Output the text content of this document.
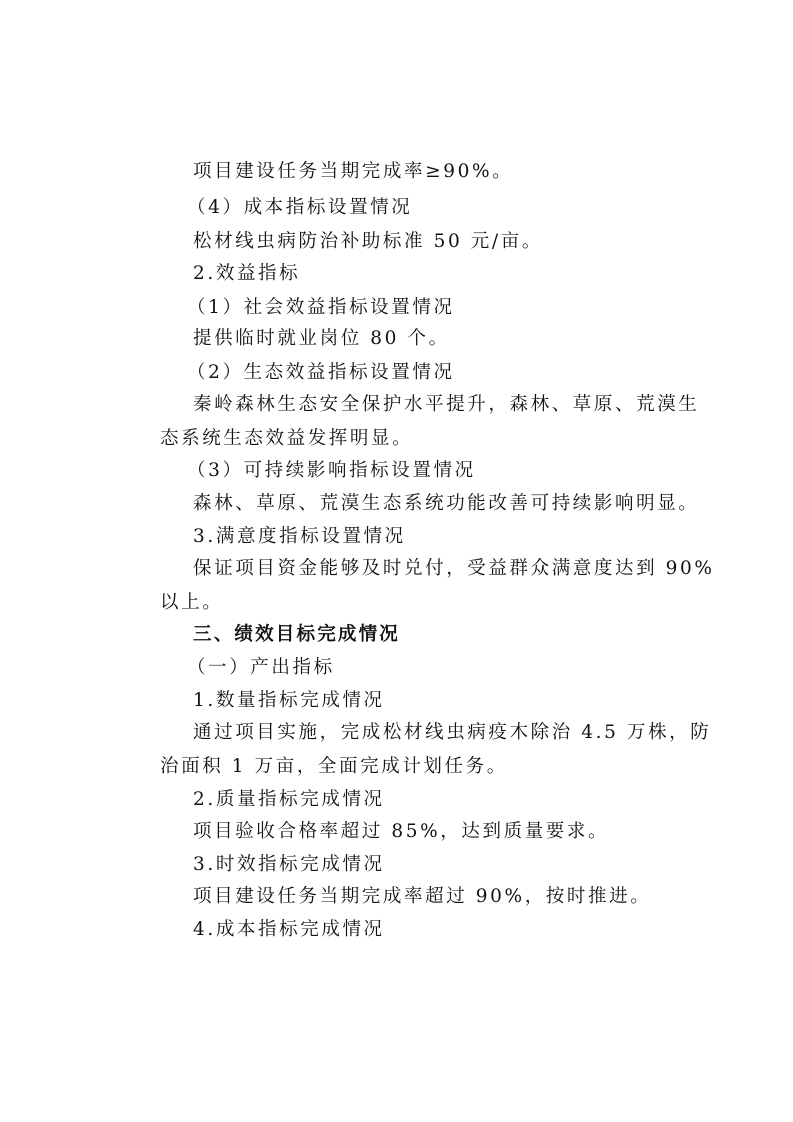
项目建设任务当期完成率≥90%。
（4）成本指标设置情况
松材线虫病防治补助标准 50 元/亩。
2.效益指标
（1）社会效益指标设置情况
提供临时就业岗位 80 个。
（2）生态效益指标设置情况
秦岭森林生态安全保护水平提升，森林、草原、荒漠生
态系统生态效益发挥明显。
（3）可持续影响指标设置情况
森林、草原、荒漠生态系统功能改善可持续影响明显。
3.满意度指标设置情况
保证项目资金能够及时兑付，受益群众满意度达到 90%
以上。
三、绩效目标完成情况
（一）产出指标
1.数量指标完成情况
通过项目实施，完成松材线虫病疫木除治 4.5 万株，防
治面积 1 万亩，全面完成计划任务。
2.质量指标完成情况
项目验收合格率超过 85%，达到质量要求。
3.时效指标完成情况
项目建设任务当期完成率超过 90%，按时推进。
4.成本指标完成情况
